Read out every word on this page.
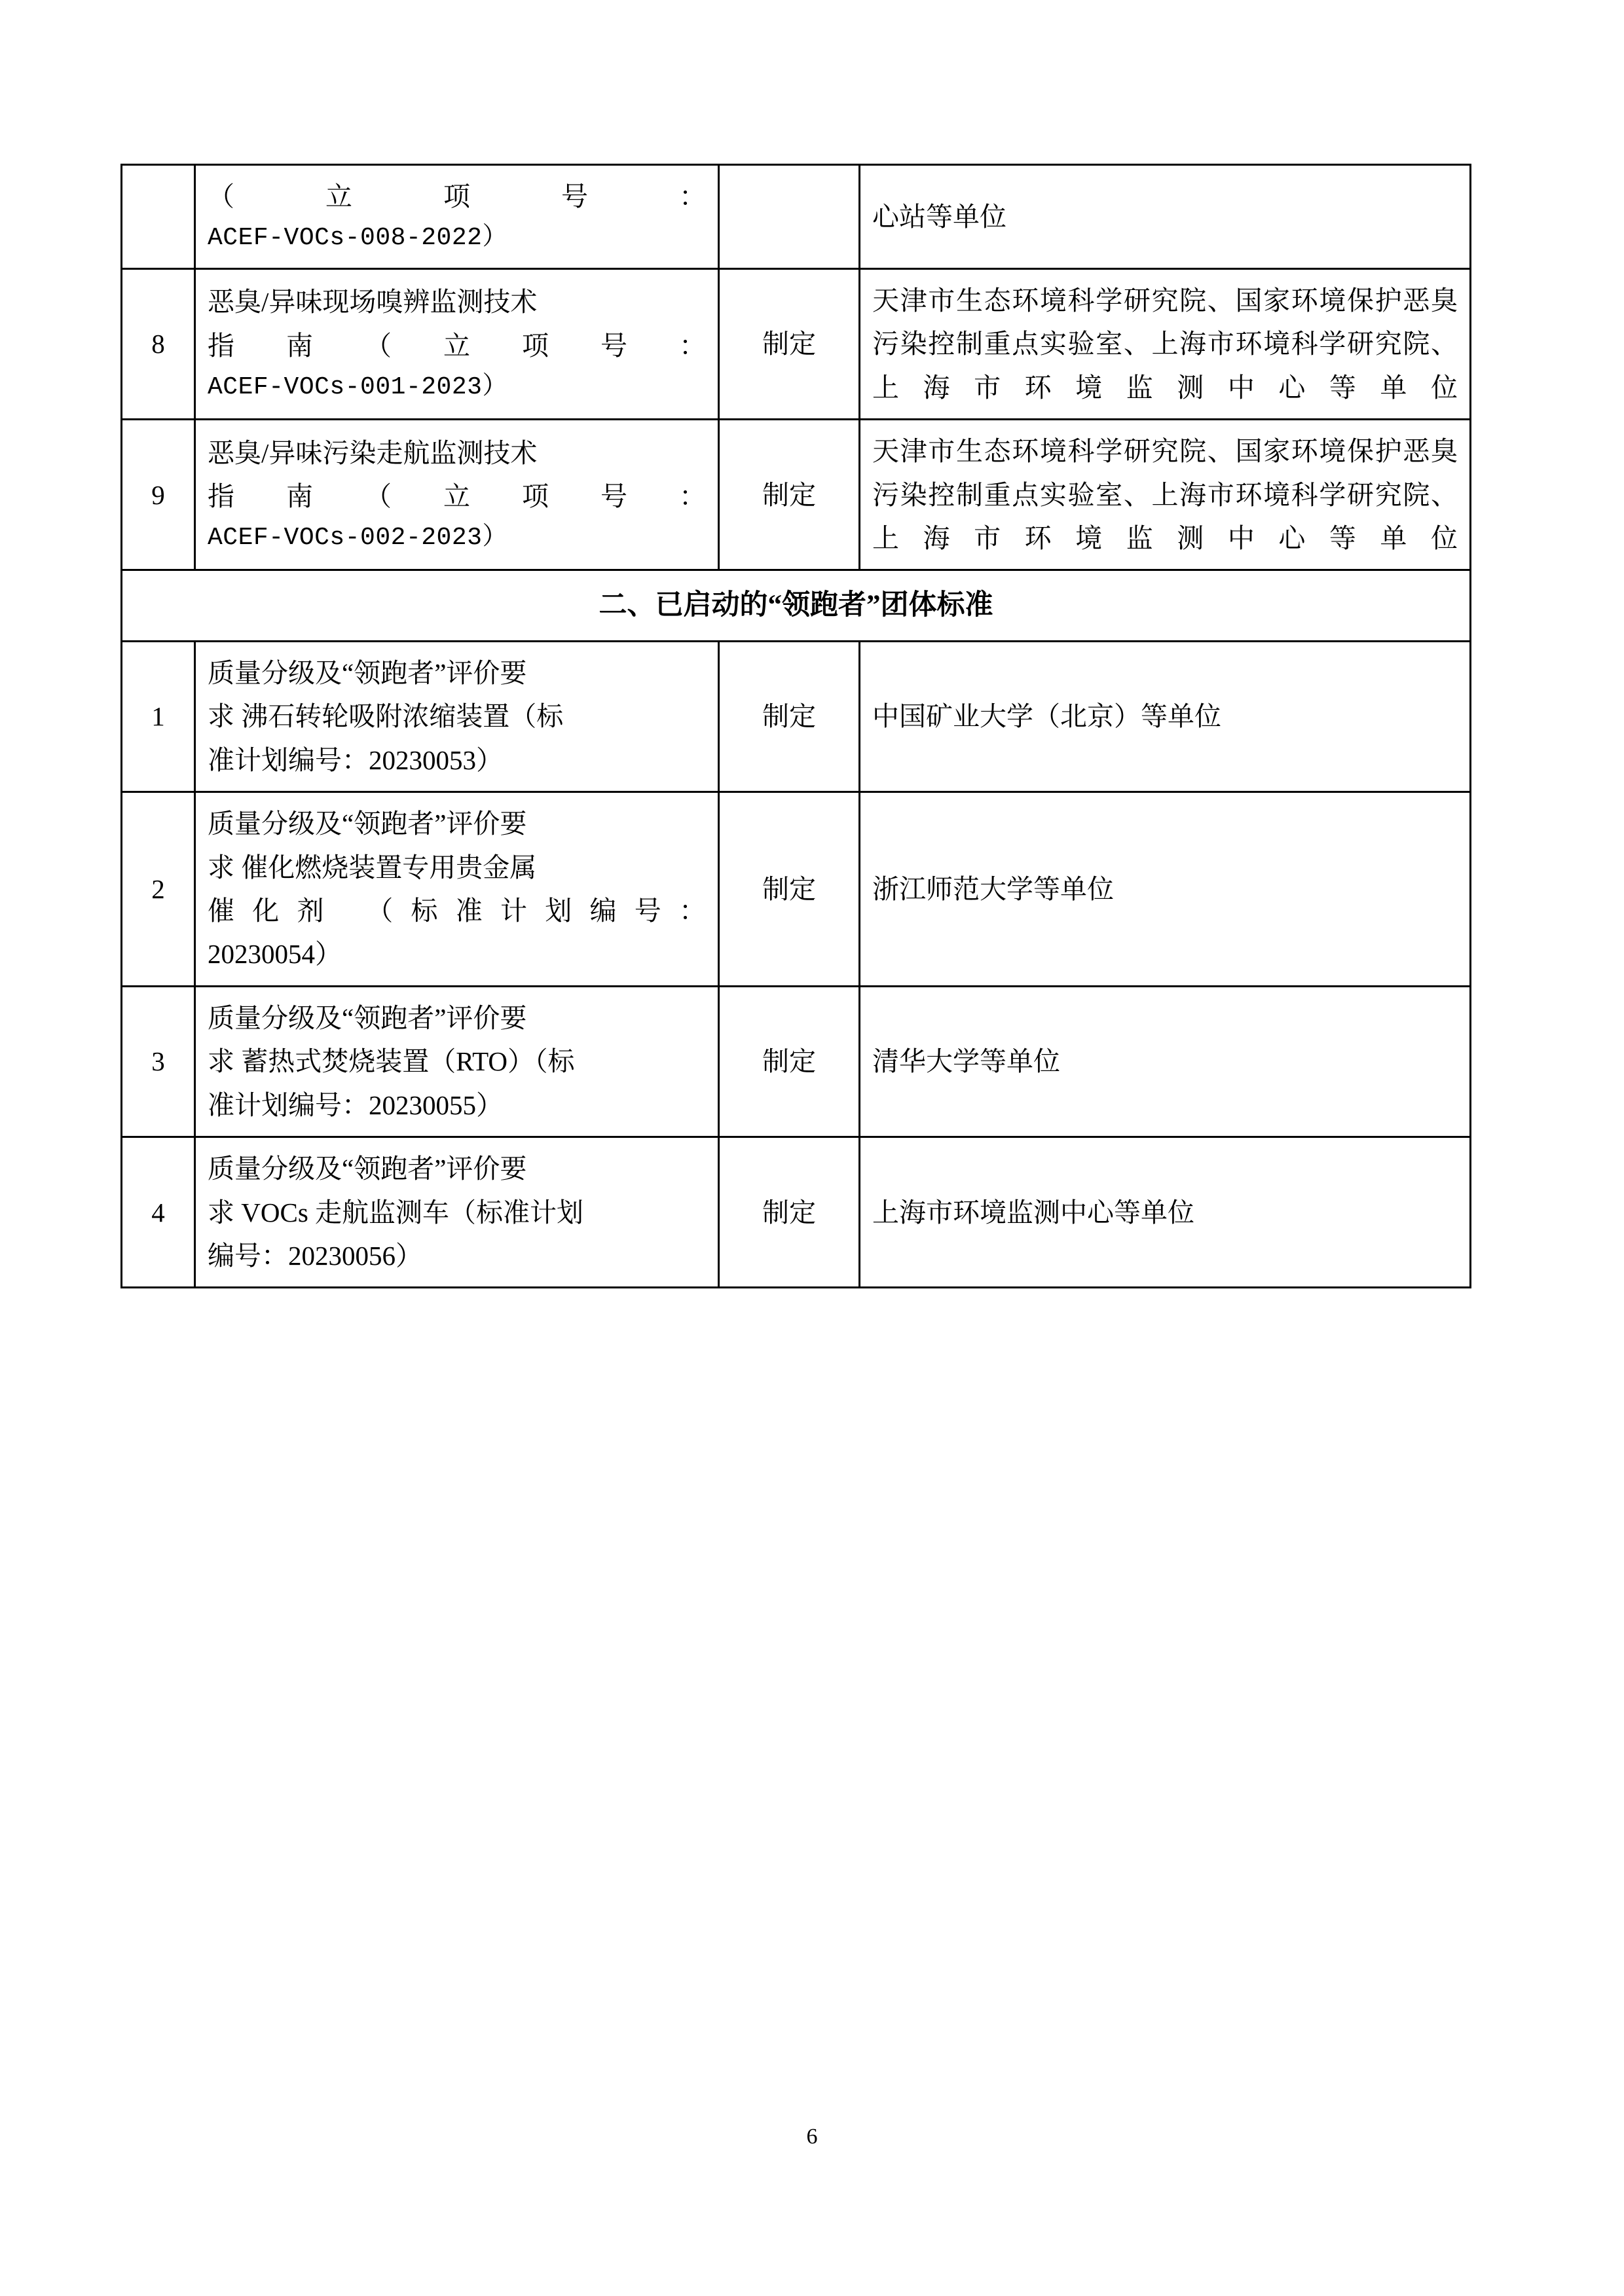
	（ 立 项 号 ：
ACEF-VOCs-008-2022）		心站等单位
8	恶臭/异味现场嗅辨监测技术
指 南 （ 立 项 号 ：
ACEF-VOCs-001-2023）	制定	天津市生态环境科学研究院、国家环境保护恶臭污染控制重点实验室、上海市环境科学研究院、上海市环境监测中心等单位
9	恶臭/异味污染走航监测技术
指 南 （ 立 项 号 ：
ACEF-VOCs-002-2023）	制定	天津市生态环境科学研究院、国家环境保护恶臭污染控制重点实验室、上海市环境科学研究院、上海市环境监测中心等单位
二、已启动的“领跑者”团体标准			
1	质量分级及“领跑者”评价要
求 沸石转轮吸附浓缩装置（标
准计划编号：20230053）	制定	中国矿业大学（北京）等单位
2	质量分级及“领跑者”评价要
求 催化燃烧装置专用贵金属
催化剂 （标准计划编号：
20230054）	制定	浙江师范大学等单位
3	质量分级及“领跑者”评价要
求 蓄热式焚烧装置（RTO）（标
准计划编号：20230055）	制定	清华大学等单位
4	质量分级及“领跑者”评价要
求 VOCs 走航监测车（标准计划
编号：20230056）	制定	上海市环境监测中心等单位
6
